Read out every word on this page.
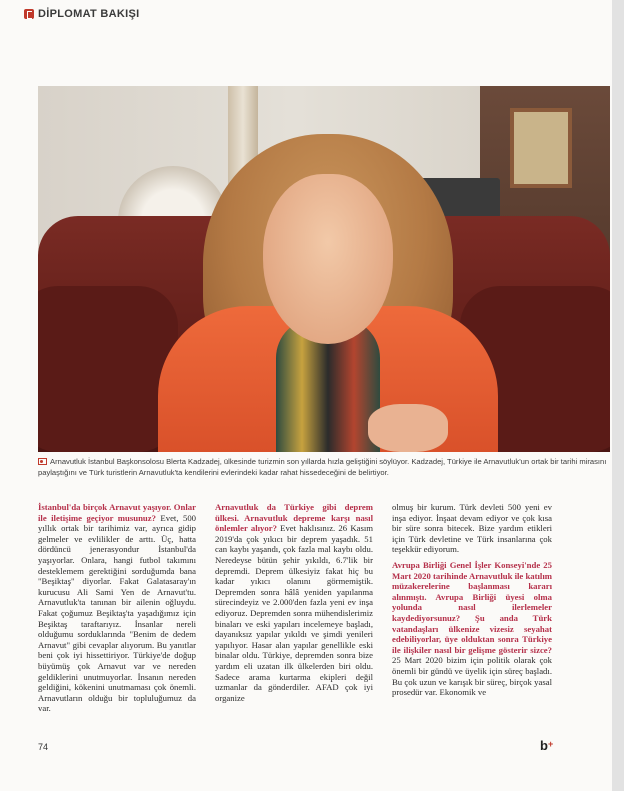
DİPLOMAT BAKIŞI
Arnavutluk İstanbul Başkonsolosu Blerta Kadzadej, ülkesinde turizmin son yıllarda hızla geliştiğini söylüyor. Kadzadej, Türkiye ile Arnavutluk'un ortak bir tarihi mirasını paylaştığını ve Türk turistlerin Arnavutluk'ta kendilerini evlerindeki kadar rahat hissedeceğini de belirtiyor.

İstanbul'da birçok Arnavut yaşıyor. Onlar ile iletişime geçiyor musunuz? Evet, 500 yıllık ortak bir tarihimiz var, ayrıca gidip gelmeler ve evlilikler de arttı. Üç, hatta dördüncü jenerasyondur İstanbul'da yaşıyorlar. Onlara, hangi futbol takımını desteklemem gerektiğini sorduğumda bana "Beşiktaş" diyorlar. Fakat Galatasaray'ın kurucusu Ali Sami Yen de Arnavut'tu. Arnavutluk'ta tanınan bir ailenin oğluydu. Fakat çoğumuz Beşiktaş'ta yaşadığımız için Beşiktaş taraftarıyız. İnsanlar nereli olduğumu sorduklarında "Benim de dedem Arnavut" gibi cevaplar alıyorum. Bu yanıtlar beni çok iyi hissettiriyor. Türkiye'de doğup büyümüş çok Arnavut var ve nereden geldiklerini unutmuyorlar. İnsanın nereden geldiğini, kökenini unutmaması çok önemli. Arnavutların olduğu bir topluluğumuz da var.

Arnavutluk da Türkiye gibi deprem ülkesi. Arnavutluk depreme karşı nasıl önlemler alıyor? Evet haklısınız. 26 Kasım 2019'da çok yıkıcı bir deprem yaşadık. 51 can kaybı yaşandı, çok fazla mal kaybı oldu. Neredeyse bütün şehir yıkıldı, 6.7'lik bir depremdi. Deprem ülkesiyiz fakat hiç bu kadar yıkıcı olanını görmemiştik. Depremden sonra hâlâ yeniden yapılanma sürecindeyiz ve 2.000'den fazla yeni ev inşa ediyoruz. Depremden sonra mühendislerimiz binaları ve eski yapıları incelemeye başladı, dayanıksız yapılar yıkıldı ve şimdi yenileri yapılıyor. Hasar alan yapılar genellikle eski binalar oldu. Türkiye, depremden sonra bize yardım eli uzatan ilk ülkelerden biri oldu. Sadece arama kurtarma ekipleri değil uzmanlar da gönderdiler. AFAD çok iyi organize

olmuş bir kurum. Türk devleti 500 yeni ev inşa ediyor. İnşaat devam ediyor ve çok kısa bir süre sonra bitecek. Bize yardım etikleri için Türk devletine ve Türk insanlarına çok teşekkür ediyorum.

Avrupa Birliği Genel İşler Konseyi'nde 25 Mart 2020 tarihinde Arnavutluk ile katılım müzakerelerine başlanması kararı alınmıştı. Avrupa Birliği üyesi olma yolunda nasıl ilerlemeler kaydediyorsunuz? Şu anda Türk vatandaşları ülkenize vizesiz seyahat edebiliyorlar, üye olduktan sonra Türkiye ile ilişkiler nasıl bir gelişme gösterir sizce? 25 Mart 2020 bizim için politik olarak çok önemli bir gündü ve üyelik için süreç başladı. Bu çok uzun ve karışık bir süreç, birçok yasal prosedür var. Ekonomik ve

74	b+
